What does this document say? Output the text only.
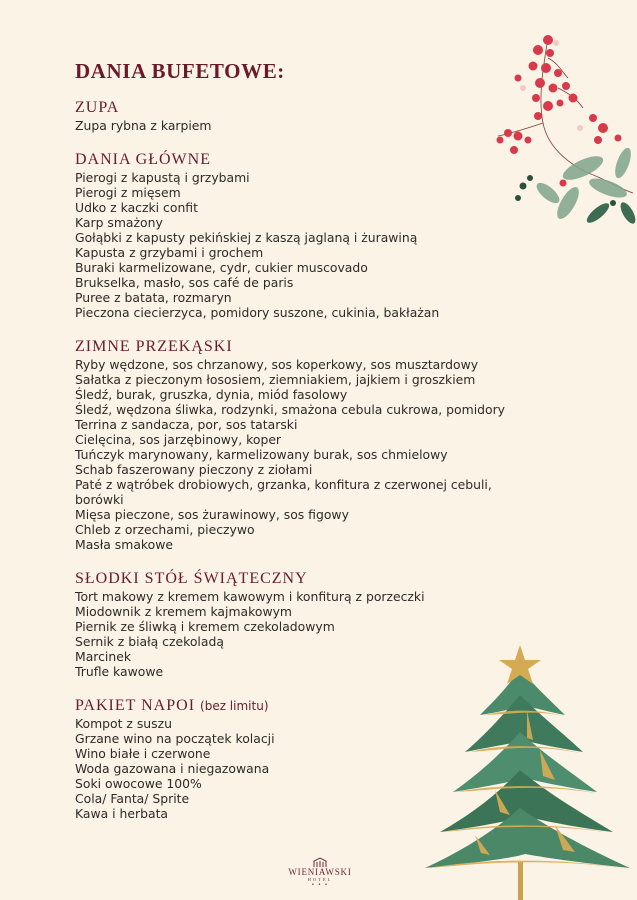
DANIA BUFETOWE:
ZUPA
Zupa rybna z karpiem
DANIA GŁÓWNE
Pierogi z kapustą i grzybami
Pierogi z mięsem
Udko z kaczki confit
Karp smażony
Gołąbki z kapusty pekińskiej z kaszą jaglaną i żurawiną
Kapusta z grzybami i grochem
Buraki karmelizowane, cydr, cukier muscovado
Brukselka, masło, sos café de paris
Puree z batata, rozmaryn
Pieczona ciecierzyca, pomidory suszone, cukinia, bakłażan
ZIMNE PRZEKĄSKI
Ryby wędzone, sos chrzanowy, sos koperkowy, sos musztardowy
Sałatka z pieczonym łososiem, ziemniakiem, jajkiem i groszkiem
Śledź, burak, gruszka, dynia, miód fasolowy
Śledź, wędzona śliwka, rodzynki, smażona cebula cukrowa, pomidory
Terrina z sandacza, por, sos tatarski
Cielęcina, sos jarzębinowy, koper
Tuńczyk marynowany, karmelizowany burak, sos chmielowy
Schab faszerowany pieczony z ziołami
Paté z wątróbek drobiowych, grzanka, konfitura z czerwonej cebuli, borówki
Mięsa pieczone, sos żurawinowy, sos figowy
Chleb z orzechami, pieczywo
Masła smakowe
SŁODKI STÓŁ ŚWIĄTECZNY
Tort makowy z kremem kawowym i konfiturą z porzeczki
Miodownik z kremem kajmakowym
Piernik ze śliwką i kremem czekoladowym
Sernik z białą czekoladą
Marcinek
Trufle kawowe
PAKIET NAPOI (bez limitu)
Kompot z suszu
Grzane wino na początek kolacji
Wino białe i czerwone
Woda gazowana i niegazowana
Soki owocowe 100%
Cola/ Fanta/ Sprite
Kawa i herbata
WIENIAWSKI
HOTEL
• • •
